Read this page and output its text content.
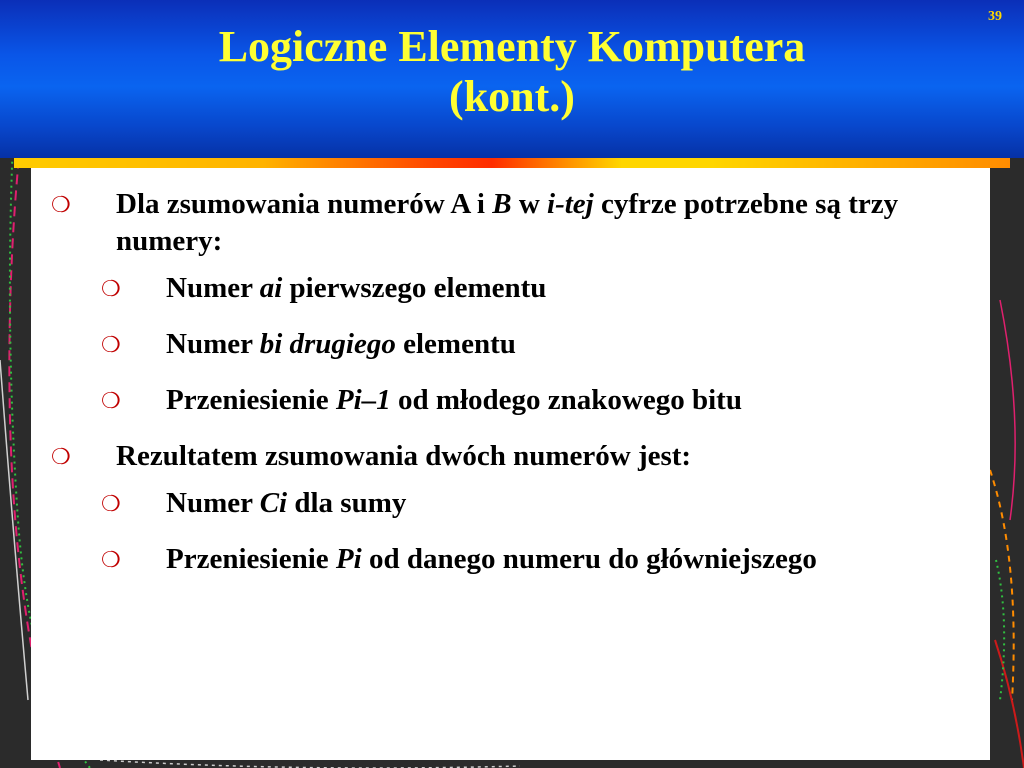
39
Logiczne Elementy Komputera
(kont.)
❍ Dla zsumowania numerów A i B w i-tej cyfrze potrzebne są trzy numery:
❍ Numer ai pierwszego elementu
❍ Numer bi drugiego elementu
❍ Przeniesienie Pi–1 od młodego znakowego bitu
❍ Rezultatem zsumowania dwóch numerów jest:
❍ Numer Ci dla sumy
❍ Przeniesienie Pi od danego numeru do główniejszego
